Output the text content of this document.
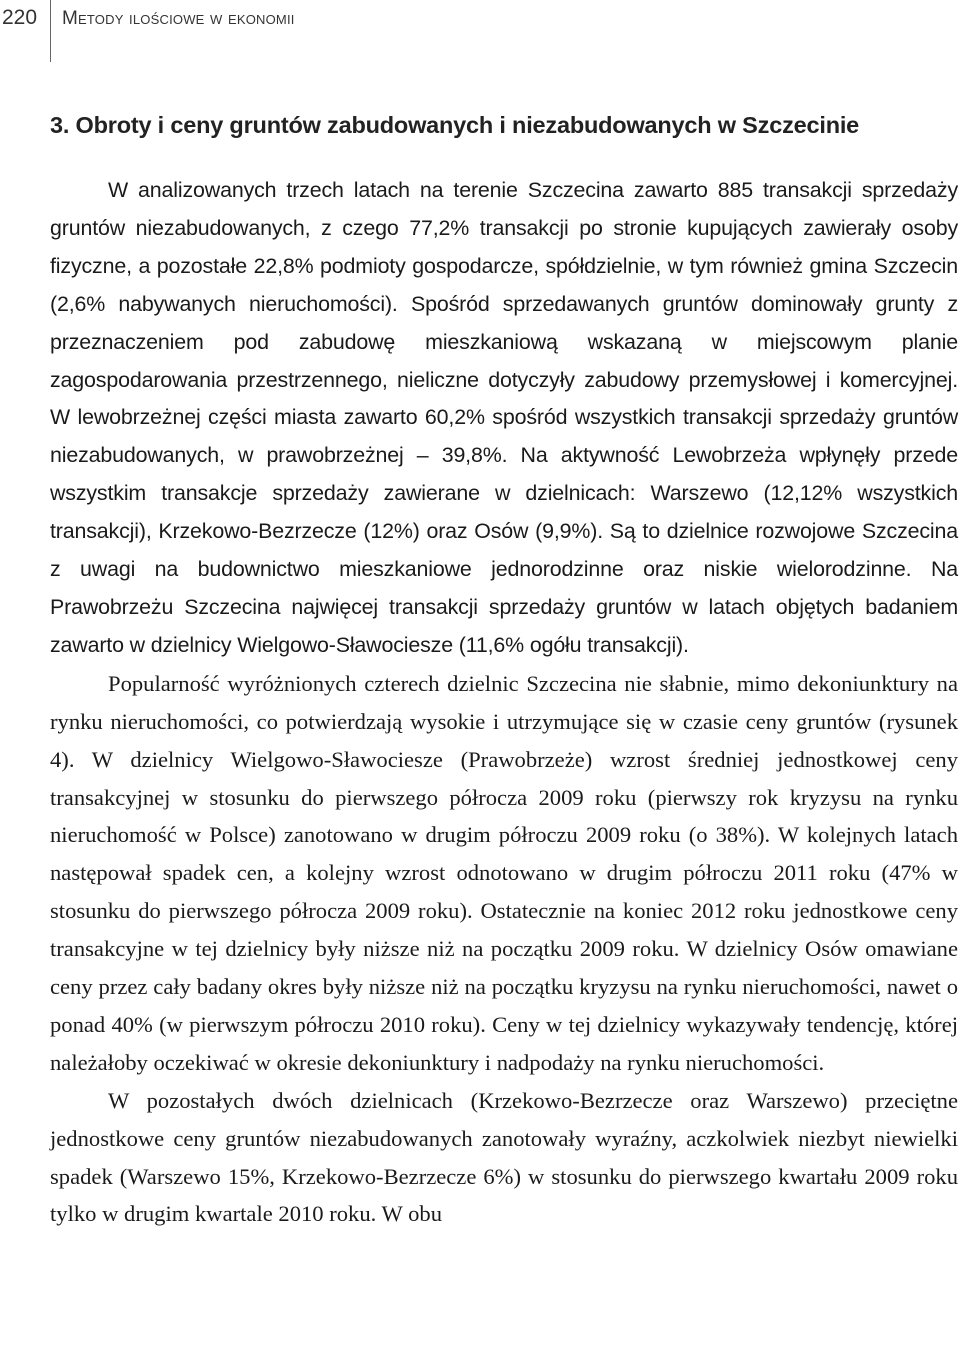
220 Metody ilościowe w ekonomii
3. Obroty i ceny gruntów zabudowanych i niezabudowanych w Szczecinie

W analizowanych trzech latach na terenie Szczecina zawarto 885 transakcji sprzedaży gruntów niezabudowanych, z czego 77,2% transakcji po stronie kupujących zawierały osoby fizyczne, a pozostałe 22,8% podmioty gospodarcze, spółdzielnie, w tym również gmina Szczecin (2,6% nabywanych nieruchomości). Spośród sprzedawanych gruntów dominowały grunty z przeznaczeniem pod zabudowę mieszkaniową wskazaną w miejscowym planie zagospodarowania przestrzennego, nieliczne dotyczyły zabudowy przemysłowej i komercyjnej. W lewobrzeżnej części miasta zawarto 60,2% spośród wszystkich transakcji sprzedaży gruntów niezabudowanych, w prawobrzeżnej – 39,8%. Na aktywność Lewobrzeża wpłynęły przede wszystkim transakcje sprzedaży zawierane w dzielnicach: Warszewo (12,12% wszystkich transakcji), Krzekowo-Bezrzecze (12%) oraz Osów (9,9%). Są to dzielnice rozwojowe Szczecina z uwagi na budownictwo mieszkaniowe jednorodzinne oraz niskie wielorodzinne. Na Prawobrzeżu Szczecina najwięcej transakcji sprzedaży gruntów w latach objętych badaniem zawarto w dzielnicy Wielgowo-Sławociesze (11,6% ogółu transakcji).

Popularność wyróżnionych czterech dzielnic Szczecina nie słabnie, mimo dekoniunktury na rynku nieruchomości, co potwierdzają wysokie i utrzymujące się w czasie ceny gruntów (rysunek 4). W dzielnicy Wielgowo-Sławociesze (Prawobrzeże) wzrost średniej jednostkowej ceny transakcyjnej w stosunku do pierwszego półrocza 2009 roku (pierwszy rok kryzysu na rynku nieruchomość w Polsce) zanotowano w drugim półroczu 2009 roku (o 38%). W kolejnych latach następował spadek cen, a kolejny wzrost odnotowano w drugim półroczu 2011 roku (47% w stosunku do pierwszego półrocza 2009 roku). Ostatecznie na koniec 2012 roku jednostkowe ceny transakcyjne w tej dzielnicy były niższe niż na początku 2009 roku. W dzielnicy Osów omawiane ceny przez cały badany okres były niższe niż na początku kryzysu na rynku nieruchomości, nawet o ponad 40% (w pierwszym półroczu 2010 roku). Ceny w tej dzielnicy wykazywały tendencję, której należałoby oczekiwać w okresie dekoniunktury i nadpodaży na rynku nieruchomości.

W pozostałych dwóch dzielnicach (Krzekowo-Bezrzecze oraz Warszewo) przeciętne jednostkowe ceny gruntów niezabudowanych zanotowały wyraźny, aczkolwiek niezbyt niewielki spadek (Warszewo 15%, Krzekowo-Bezrzecze 6%) w stosunku do pierwszego kwartału 2009 roku tylko w drugim kwartale 2010 roku. W obu
